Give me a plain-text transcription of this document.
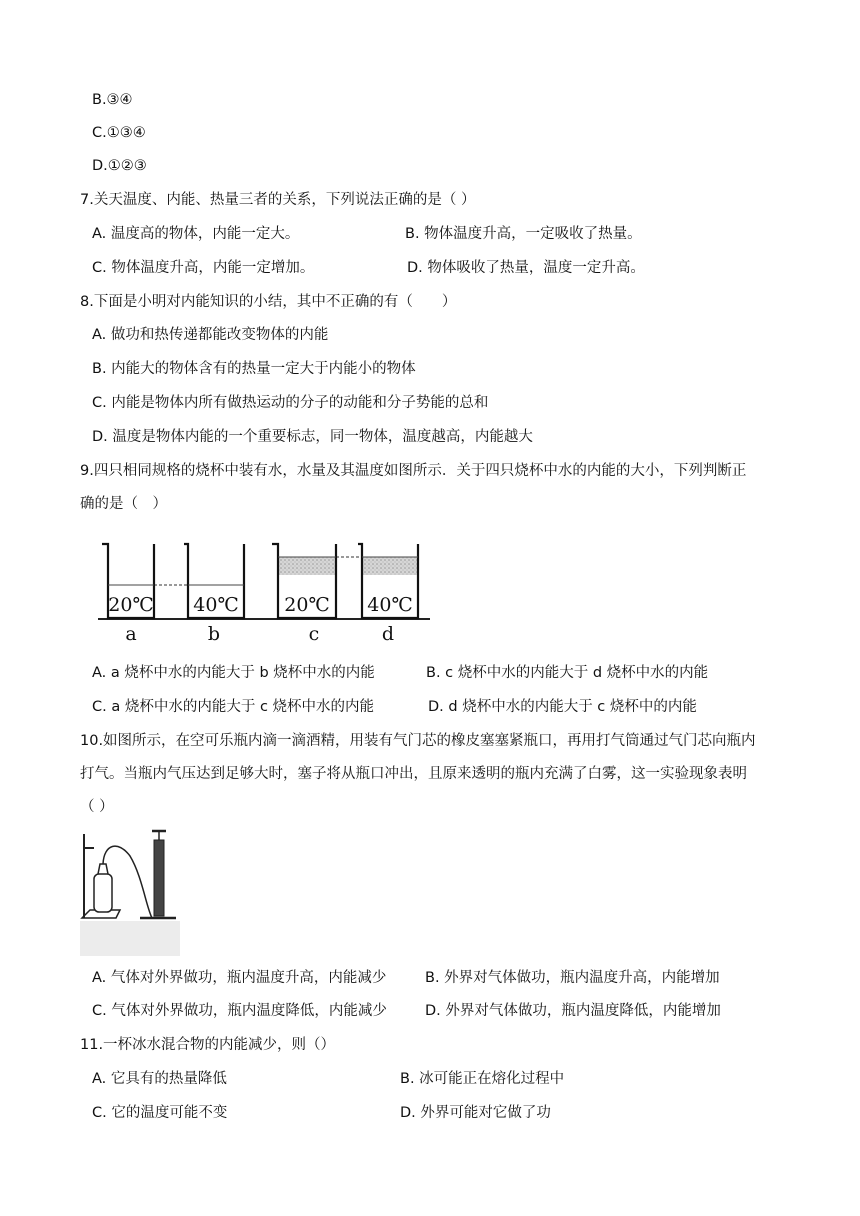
B.③④
C.①③④
D.①②③
7.关天温度、内能、热量三者的关系，下列说法正确的是（ ）
A. 温度高的物体，内能一定大。	B. 物体温度升高，一定吸收了热量。
C. 物体温度升高，内能一定增加。	D. 物体吸收了热量，温度一定升高。
8.下面是小明对内能知识的小结，其中不正确的有（　　）
A. 做功和热传递都能改变物体的内能
B. 内能大的物体含有的热量一定大于内能小的物体
C. 内能是物体内所有做热运动的分子的动能和分子势能的总和
D. 温度是物体内能的一个重要标志，同一物体，温度越高，内能越大
9.四只相同规格的烧杯中装有水，水量及其温度如图所示．关于四只烧杯中水的内能的大小，下列判断正
确的是（　）
20℃
a
40℃
b
20℃
c
40℃
d
A. a 烧杯中水的内能大于 b 烧杯中水的内能	B. c 烧杯中水的内能大于 d 烧杯中水的内能
C. a 烧杯中水的内能大于 c 烧杯中水的内能	D. d 烧杯中水的内能大于 c 烧杯中的内能
10.如图所示，在空可乐瓶内滴一滴酒精，用装有气门芯的橡皮塞塞紧瓶口，再用打气筒通过气门芯向瓶内
打气。当瓶内气压达到足够大时，塞子将从瓶口冲出，且原来透明的瓶内充满了白雾，这一实验现象表明
（ ）
A. 气体对外界做功，瓶内温度升高，内能减少	B. 外界对气体做功，瓶内温度升高，内能增加
C. 气体对外界做功，瓶内温度降低，内能减少	D. 外界对气体做功，瓶内温度降低，内能增加
11.一杯冰水混合物的内能减少，则（）
A. 它具有的热量降低	B. 冰可能正在熔化过程中
C. 它的温度可能不变	D. 外界可能对它做了功
